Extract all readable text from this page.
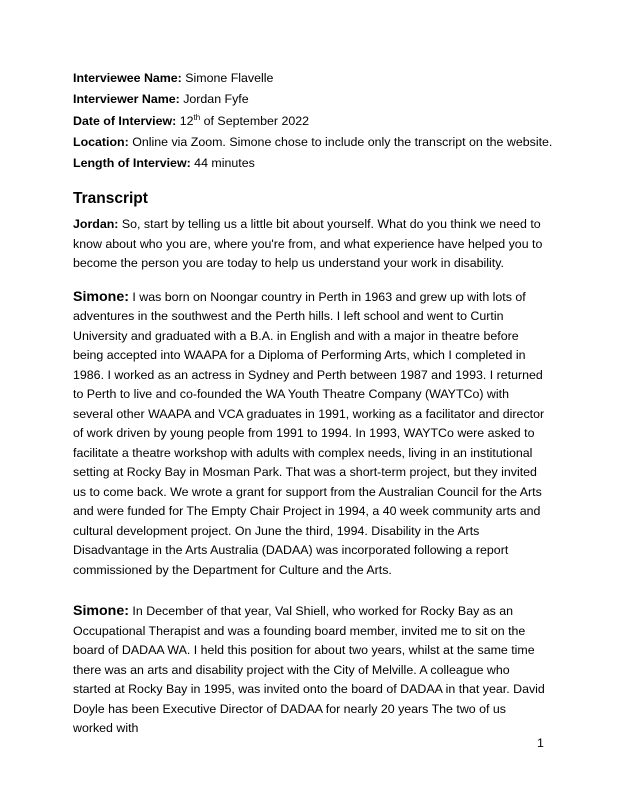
Interviewee Name: Simone Flavelle
Interviewer Name: Jordan Fyfe
Date of Interview: 12th of September 2022
Location: Online via Zoom. Simone chose to include only the transcript on the website.
Length of Interview: 44 minutes
Transcript

Jordan: So, start by telling us a little bit about yourself. What do you think we need to know about who you are, where you're from, and what experience have helped you to become the person you are today to help us understand your work in disability.

Simone: I was born on Noongar country in Perth in 1963 and grew up with lots of adventures in the southwest and the Perth hills. I left school and went to Curtin University and graduated with a B.A. in English and with a major in theatre before being accepted into WAAPA for a Diploma of Performing Arts, which I completed in 1986. I worked as an actress in Sydney and Perth between 1987 and 1993. I returned to Perth to live and co-founded the WA Youth Theatre Company (WAYTCo) with several other WAAPA and VCA graduates in 1991, working as a facilitator and director of work driven by young people from 1991 to 1994. In 1993, WAYTCo were asked to facilitate a theatre workshop with adults with complex needs, living in an institutional setting at Rocky Bay in Mosman Park. That was a short-term project, but they invited us to come back. We wrote a grant for support from the Australian Council for the Arts and were funded for The Empty Chair Project in 1994, a 40 week community arts and cultural development project. On June the third, 1994. Disability in the Arts Disadvantage in the Arts Australia (DADAA) was incorporated following a report commissioned by the Department for Culture and the Arts.

Simone: In December of that year, Val Shiell, who worked for Rocky Bay as an Occupational Therapist and was a founding board member, invited me to sit on the board of DADAA WA. I held this position for about two years, whilst at the same time there was an arts and disability project with the City of Melville. A colleague who started at Rocky Bay in 1995, was invited onto the board of DADAA in that year. David Doyle has been Executive Director of DADAA for nearly 20 years The two of us worked with

1
